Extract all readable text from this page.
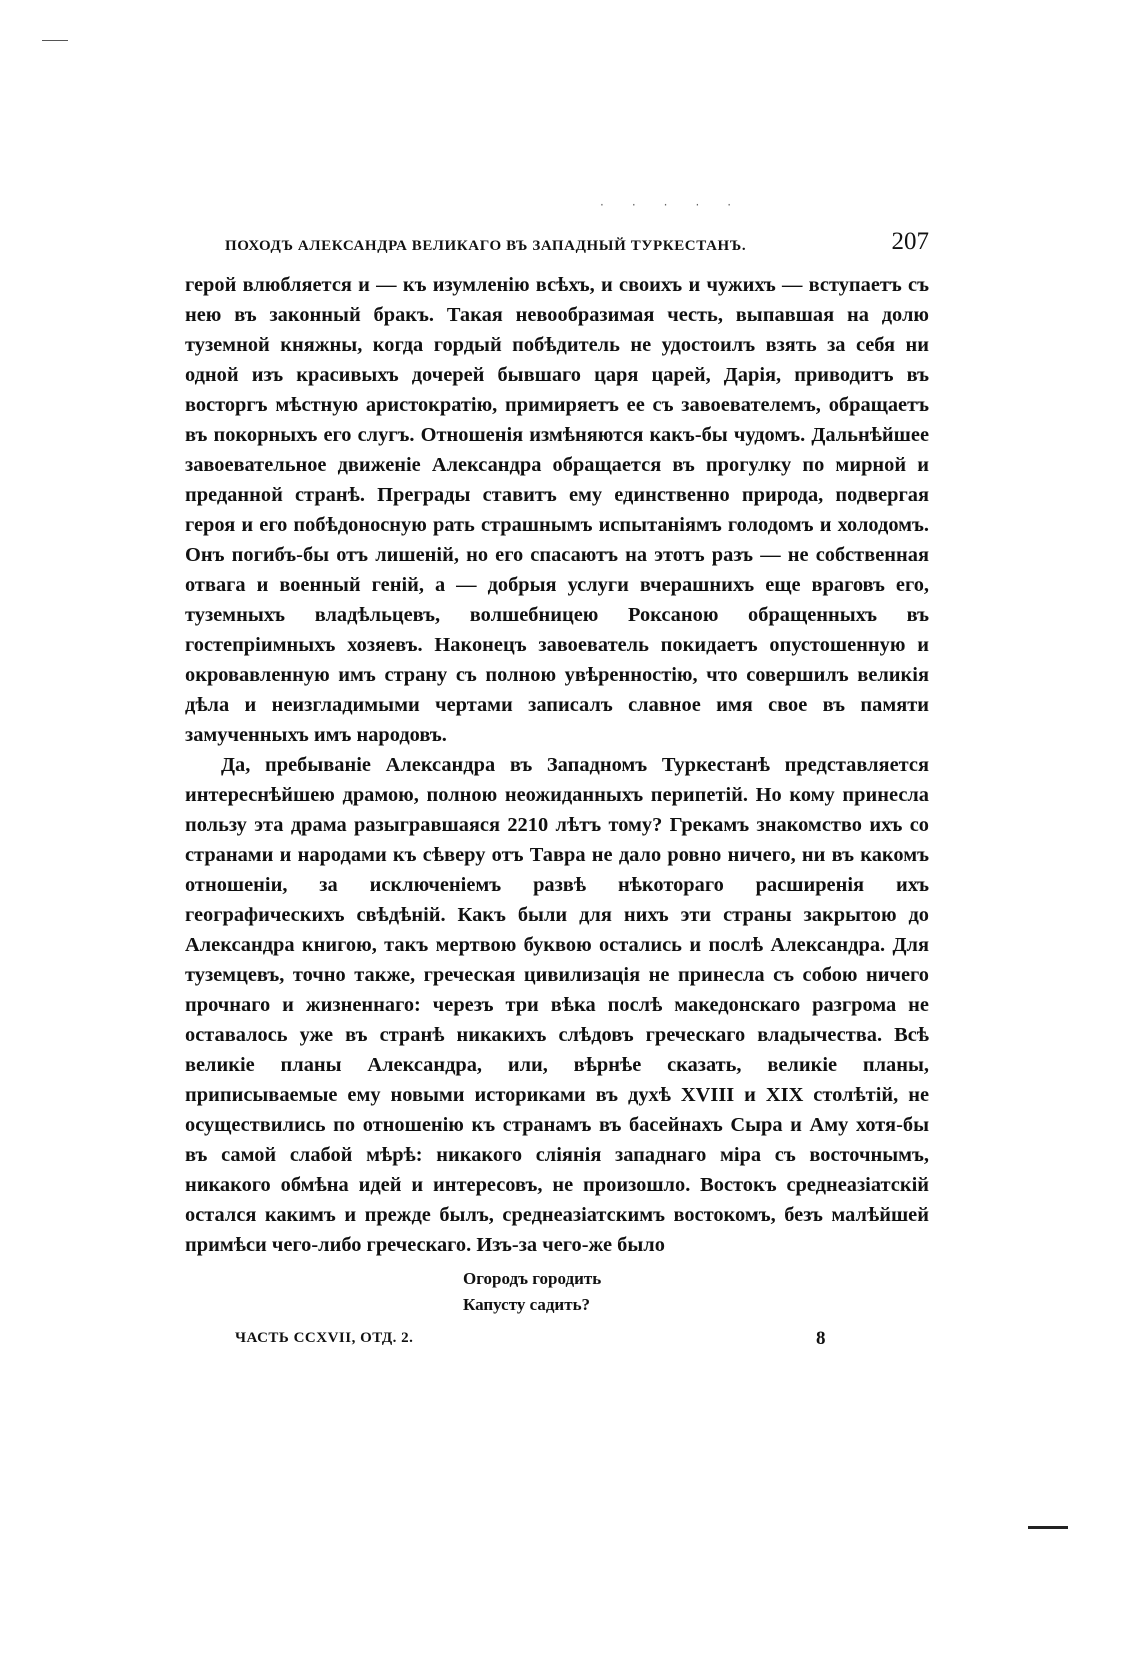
·····
ПОХОДЪ АЛЕКСАНДРА ВЕЛИКАГО ВЪ ЗАПАДНЫЙ ТУРКЕСТАНЪ.	207

герой влюбляется и — къ изумленію всѣхъ, и своихъ и чужихъ — вступаетъ съ нею въ законный бракъ. Такая невообразимая честь, выпавшая на долю туземной княжны, когда гордый побѣдитель не удостоилъ взять за себя ни одной изъ красивыхъ дочерей бывшаго царя царей, Дарія, приводитъ въ восторгъ мѣстную аристократію, примиряетъ ее съ завоевателемъ, обращаетъ въ покорныхъ его слугъ. Отношенія измѣняются какъ-бы чудомъ. Дальнѣйшее завоевательное движеніе Александра обращается въ прогулку по мирной и преданной странѣ. Преграды ставитъ ему единственно природа, подвергая героя и его побѣдоносную рать страшнымъ испытаніямъ голодомъ и холодомъ. Онъ погибъ-бы отъ лишеній, но его спасаютъ на этотъ разъ — не собственная отвага и военный геній, а — добрыя услуги вчерашнихъ еще враговъ его, туземныхъ владѣльцевъ, волшебницею Роксаною обращенныхъ въ гостепріимныхъ хозяевъ. Наконецъ завоеватель покидаетъ опустошенную и окровавленную имъ страну съ полною увѣренностію, что совершилъ великія дѣла и неизгладимыми чертами записалъ славное имя свое въ памяти замученныхъ имъ народовъ.

Да, пребываніе Александра въ Западномъ Туркестанѣ представляется интереснѣйшею драмою, полною неожиданныхъ перипетій. Но кому принесла пользу эта драма разыгравшаяся 2210 лѣтъ тому? Грекамъ знакомство ихъ со странами и народами къ сѣверу отъ Тавра не дало ровно ничего, ни въ какомъ отношеніи, за исключеніемъ развѣ нѣкотораго расширенія ихъ географическихъ свѣдѣній. Какъ были для нихъ эти страны закрытою до Александра книгою, такъ мертвою буквою остались и послѣ Александра. Для туземцевъ, точно также, греческая цивилизація не принесла съ собою ничего прочнаго и жизненнаго: черезъ три вѣка послѣ македонскаго разгрома не оставалось уже въ странѣ никакихъ слѣдовъ греческаго владычества. Всѣ великіе планы Александра, или, вѣрнѣе сказать, великіе планы, приписываемые ему новыми историками въ духѣ XVIII и XIX столѣтій, не осуществились по отношенію къ странамъ въ басейнахъ Сыра и Аму хотя-бы въ самой слабой мѣрѣ: никакого слiянiя западнаго міра съ восточнымъ, никакого обмѣна идей и интересовъ, не произошло. Востокъ среднеазiатскій остался какимъ и прежде былъ, среднеазiатскимъ востокомъ, безъ малѣйшей примѣси чего-либо греческаго. Изъ-за чего-же было

Огородъ городить
Капусту садить?
ЧАСТЬ CCXVII, ОТД. 2.	8
